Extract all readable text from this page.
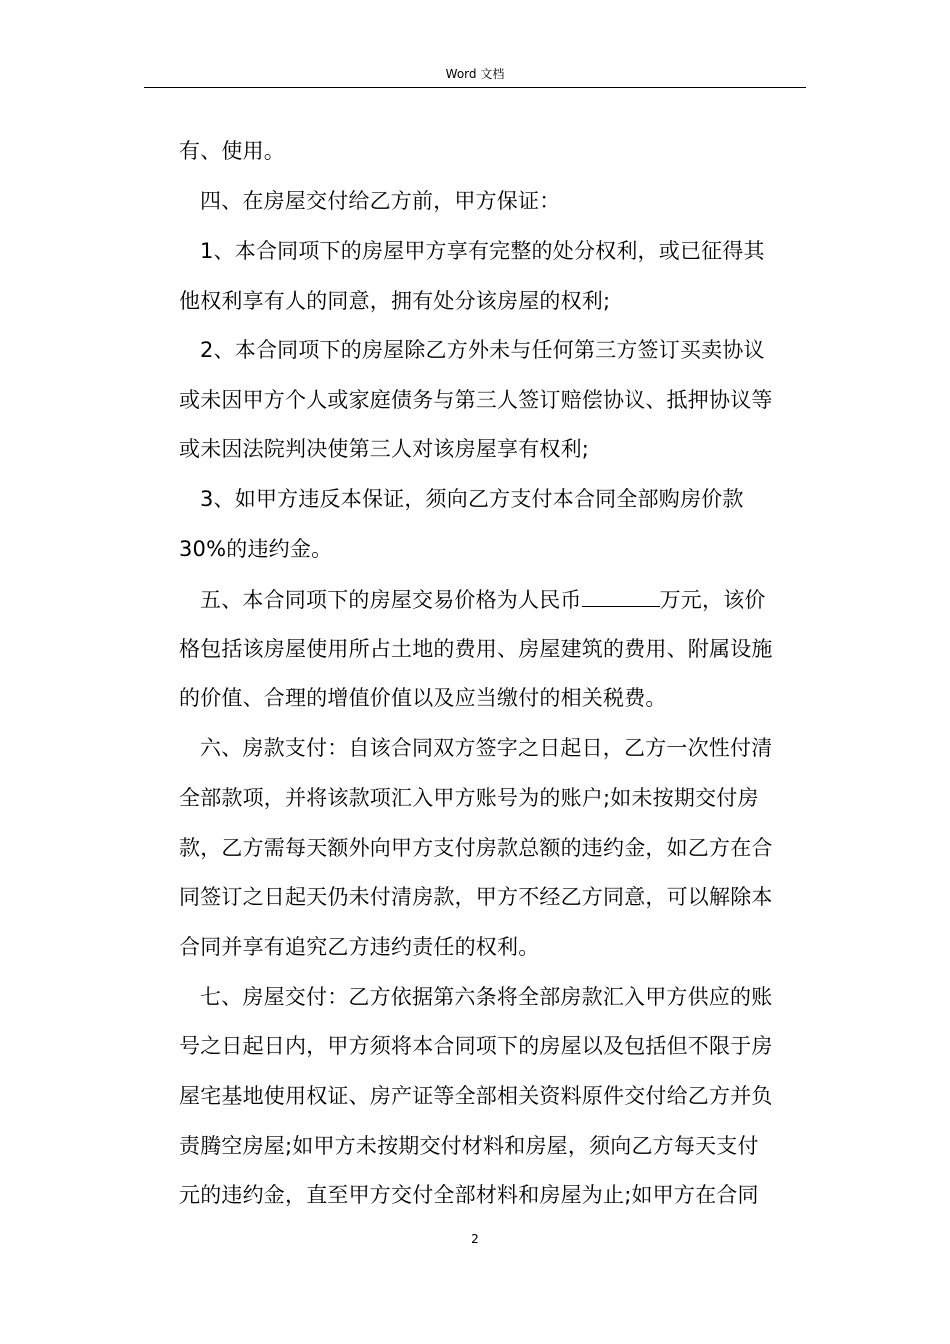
Word 文档
有、使用。
四、在房屋交付给乙方前，甲方保证：
1、本合同项下的房屋甲方享有完整的处分权利，或已征得其
他权利享有人的同意，拥有处分该房屋的权利;
2、本合同项下的房屋除乙方外未与任何第三方签订买卖协议
或未因甲方个人或家庭债务与第三人签订赔偿协议、抵押协议等
或未因法院判决使第三人对该房屋享有权利;
3、如甲方违反本保证，须向乙方支付本合同全部购房价款
30%的违约金。
五、本合同项下的房屋交易价格为人民币	万元，该价
格包括该房屋使用所占土地的费用、房屋建筑的费用、附属设施
的价值、合理的增值价值以及应当缴付的相关税费。
六、房款支付：自该合同双方签字之日起日，乙方一次性付清
全部款项，并将该款项汇入甲方账号为的账户;如未按期交付房
款，乙方需每天额外向甲方支付房款总额的违约金，如乙方在合
同签订之日起天仍未付清房款，甲方不经乙方同意，可以解除本
合同并享有追究乙方违约责任的权利。
七、房屋交付：乙方依据第六条将全部房款汇入甲方供应的账
号之日起日内，甲方须将本合同项下的房屋以及包括但不限于房
屋宅基地使用权证、房产证等全部相关资料原件交付给乙方并负
责腾空房屋;如甲方未按期交付材料和房屋，须向乙方每天支付
元的违约金，直至甲方交付全部材料和房屋为止;如甲方在合同
2
